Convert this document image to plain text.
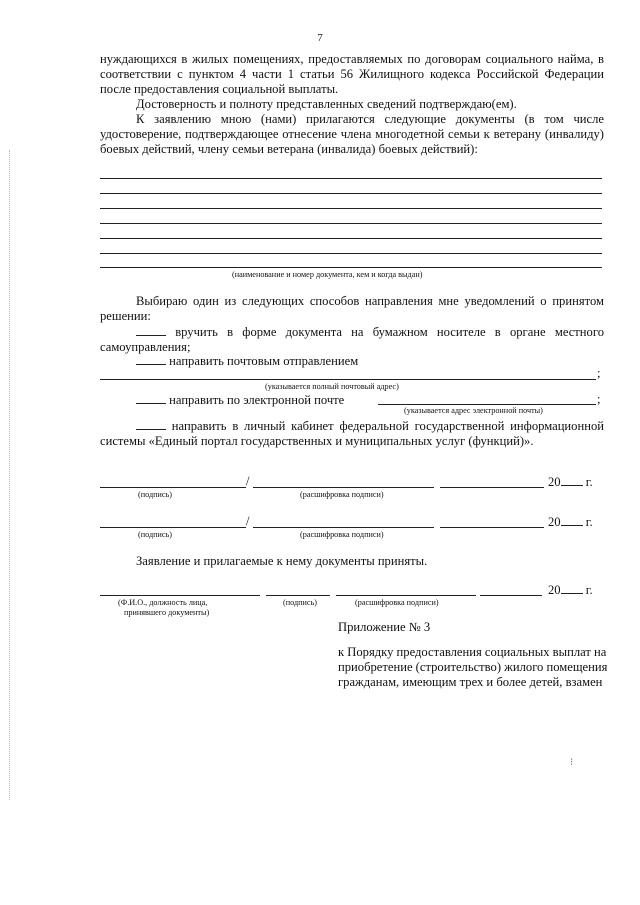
7
нуждающихся в жилых помещениях, предоставляемых по договорам социального найма, в соответствии с пунктом 4 части 1 статьи 56 Жилищного кодекса Российской Федерации после предоставления социальной выплаты.
Достоверность и полноту представленных сведений подтверждаю(ем).
К заявлению мною (нами) прилагаются следующие документы (в том числе удостоверение, подтверждающее отнесение члена многодетной семьи к ветерану (инвалиду) боевых действий, члену семьи ветерана (инвалида) боевых действий):
(наименование и номер документа, кем и когда выдан)
Выбираю один из следующих способов направления мне уведомлений о принятом решении:
вручить в форме документа на бумажном носителе в органе местного самоуправления;
направить почтовым отправлением
;
(указывается полный почтовый адрес)
направить по электронной почте	;
(указывается адрес электронной почты)
направить в личный кабинет федеральной государственной информационной системы «Единый портал государственных и муниципальных услуг (функций)».
/	20 г.
(подпись)	(расшифровка подписи)
/	20 г.
(подпись)	(расшифровка подписи)
Заявление и прилагаемые к нему документы приняты.
20 г.
(Ф.И.О., должность лица,
принявшего документы)
(подпись)	(расшифровка подписи)
Приложение № 3
к Порядку предоставления социальных выплат на приобретение (строительство) жилого помещения гражданам, имеющим трех и более детей, взамен
⁝
